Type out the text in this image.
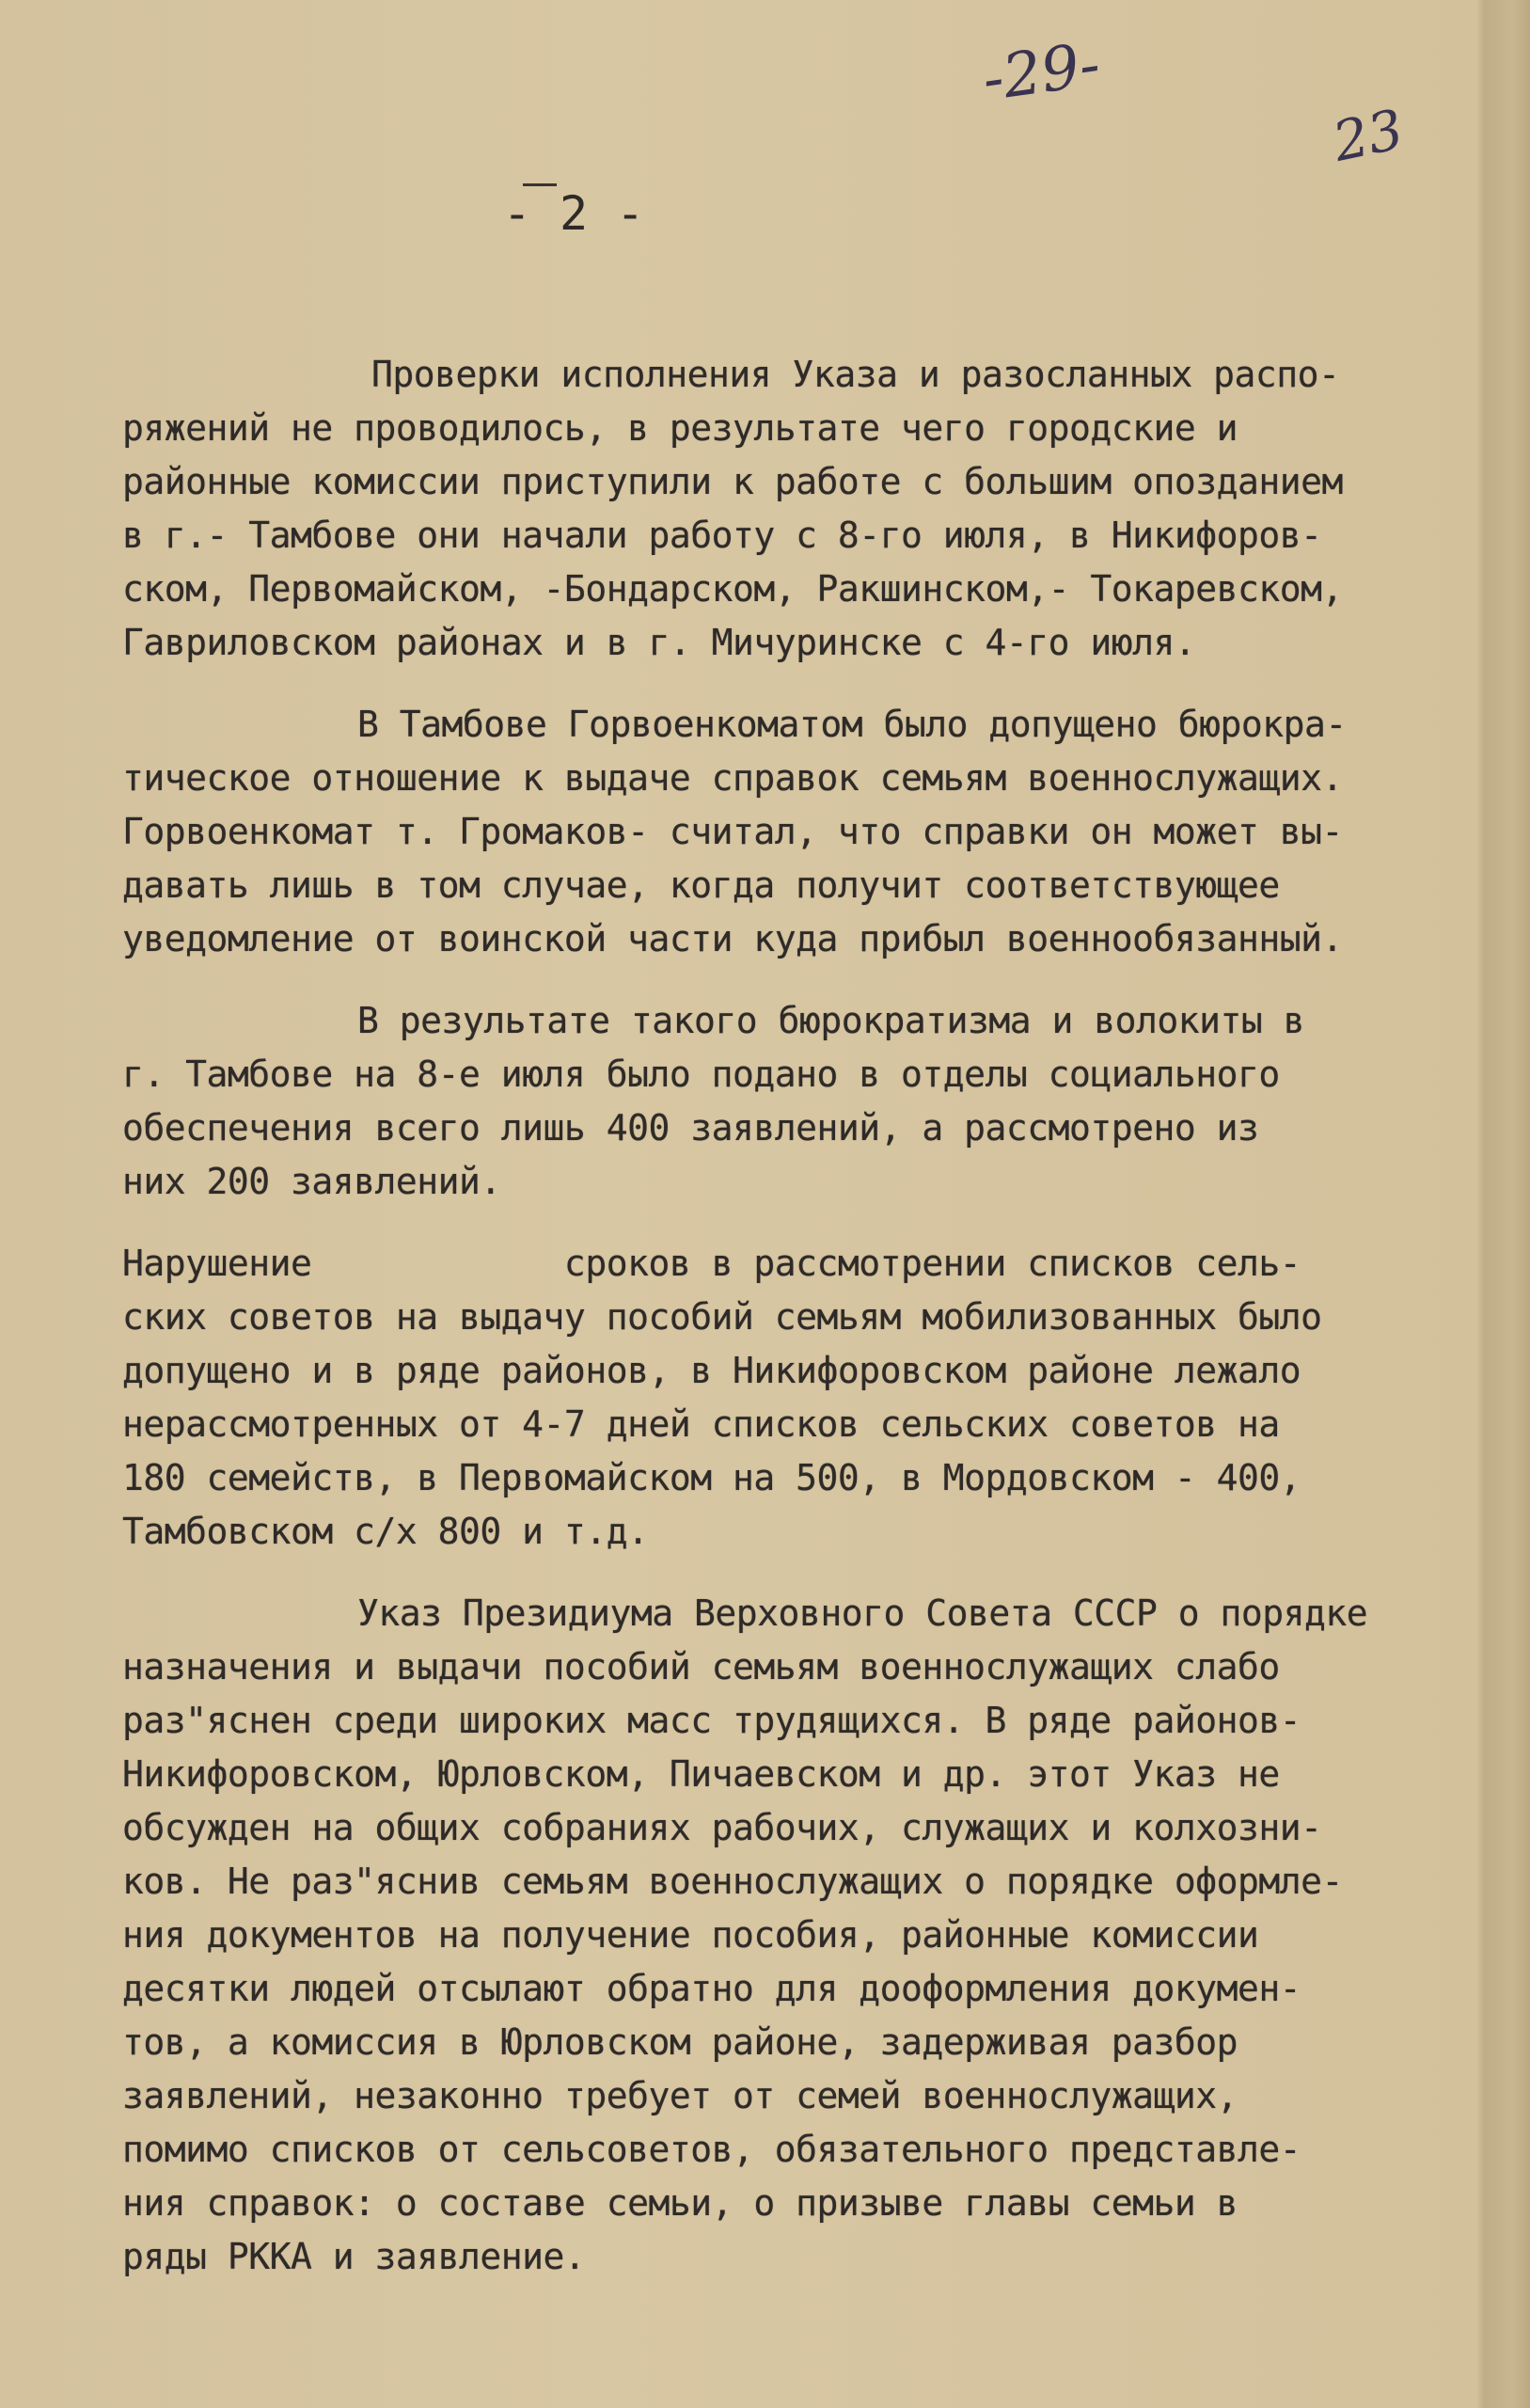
-29-
23
- 2 -
Проверки исполнения Указа и разосланных распо-
ряжений не проводилось, в результате чего городские и
районные комиссии приступили к работе с большим опозданием
в г.- Тамбове они начали работу с 8-го июля, в Никифоров-
ском, Первомайском, -Бондарском, Ракшинском,- Токаревском,
Гавриловском районах и в г. Мичуринске с 4-го июля.
В Тамбове Горвоенкоматом было допущено бюрокра-
тическое отношение к выдаче справок семьям военнослужащих.
Горвоенкомат т. Громаков- считал, что справки он может вы-
давать лишь в том случае, когда получит соответствующее
уведомление от воинской части куда прибыл военнообязанный.
В результате такого бюрократизма и волокиты в
г. Тамбове на 8-е июля было подано в отделы социального
обеспечения всего лишь 400 заявлений, а рассмотрено из
них 200 заявлений.
Нарушение            сроков в рассмотрении списков сель-
ских советов на выдачу пособий семьям мобилизованных было
допущено и в ряде районов, в Никифоровском районе лежало
нерассмотренных от 4-7 дней списков сельских советов на
180 семейств, в Первомайском на 500, в Мордовском - 400,
Тамбовском с/х 800 и т.д.
Указ Президиума Верховного Совета СССР о порядке
назначения и выдачи пособий семьям военнослужащих слабо
раз"яснен среди широких масс трудящихся. В ряде районов-
Никифоровском, Юрловском, Пичаевском и др. этот Указ не
обсужден на общих собраниях рабочих, служащих и колхозни-
ков. Не раз"яснив семьям военнослужащих о порядке оформле-
ния документов на получение пособия, районные комиссии
десятки людей отсылают обратно для дооформления докумен-
тов, а комиссия в Юрловском районе, задерживая разбор
заявлений, незаконно требует от семей военнослужащих,
помимо списков от сельсоветов, обязательного представле-
ния справок: о составе семьи, о призыве главы семьи в
ряды РККА и заявление.
